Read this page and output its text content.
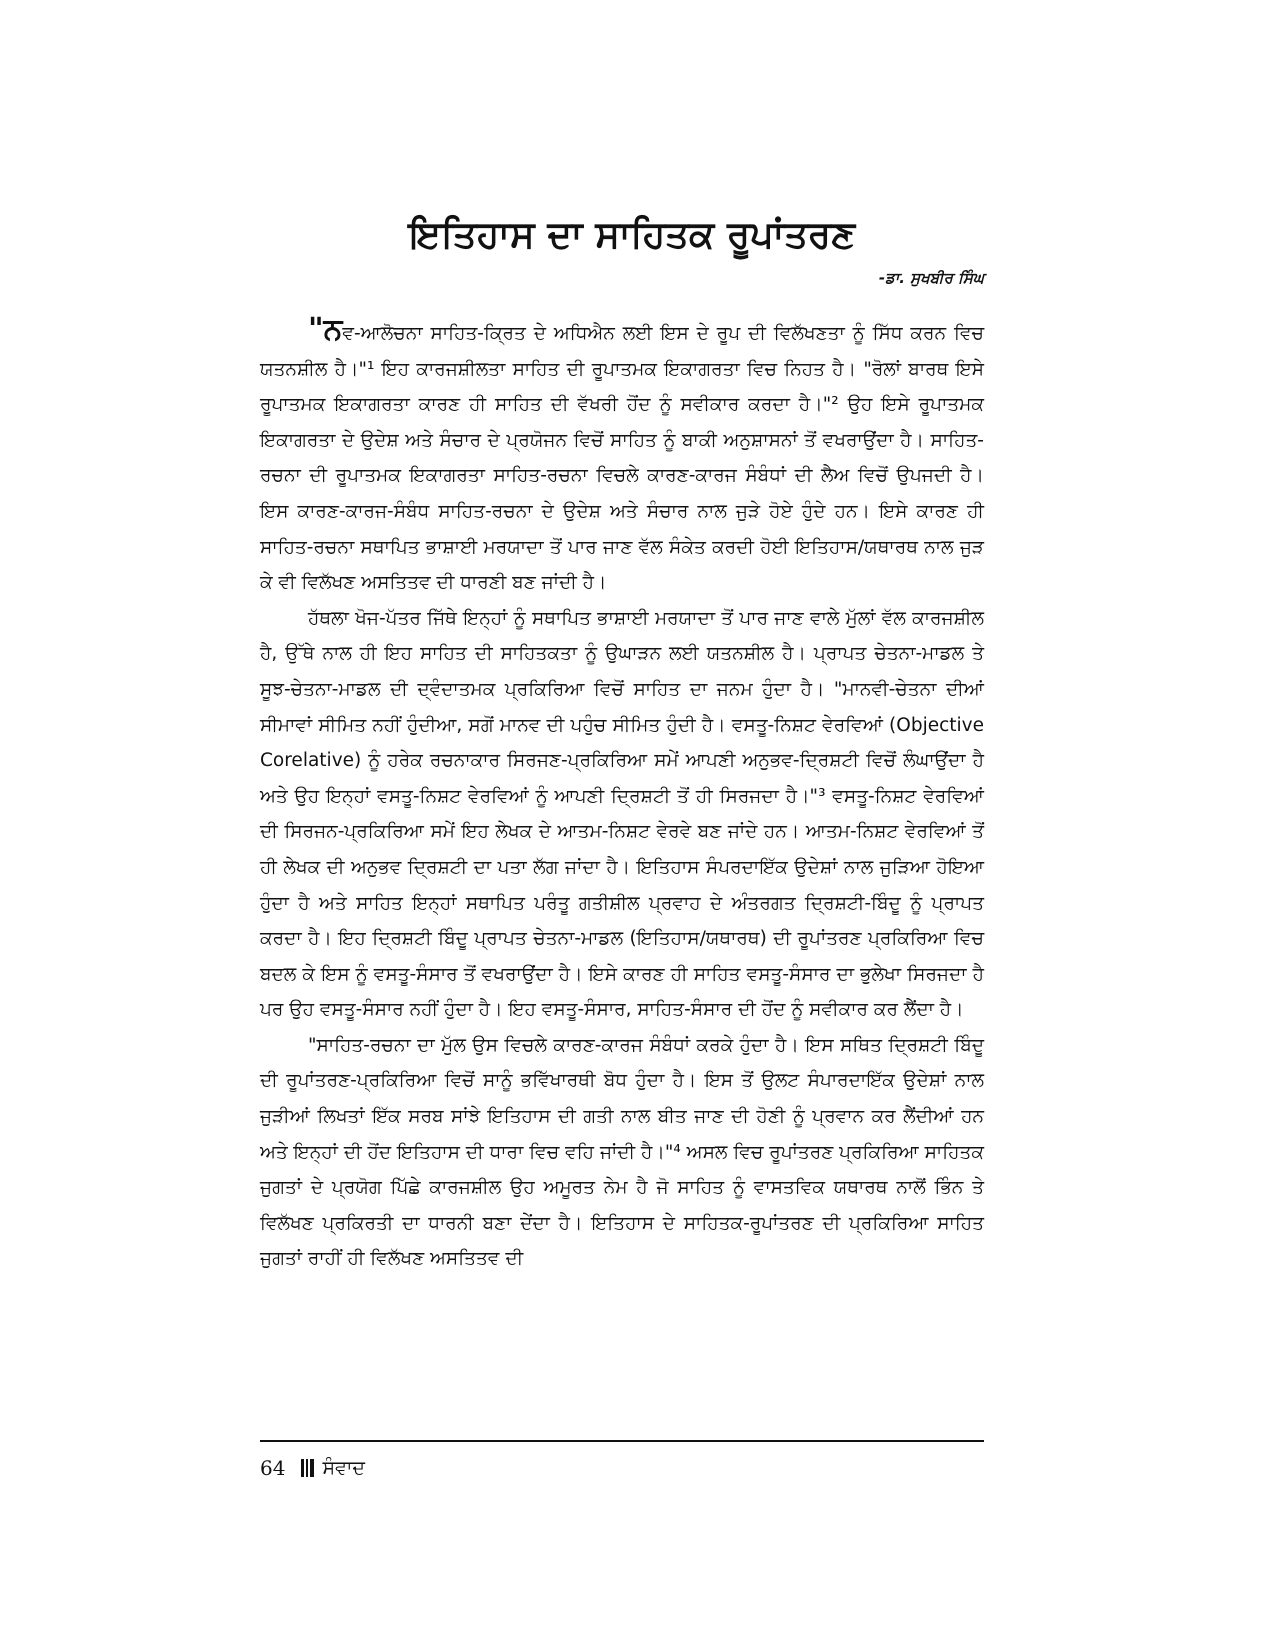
ਇਤਿਹਾਸ ਦਾ ਸਾਹਿਤਕ ਰੂਪਾਂਤਰਣ
-ਡਾ. ਸੁਖਬੀਰ ਸਿੰਘ

"ਨਵ-ਆਲੋਚਨਾ ਸਾਹਿਤ-ਕ੍ਰਿਤ ਦੇ ਅਧਿਐਨ ਲਈ ਇਸ ਦੇ ਰੂਪ ਦੀ ਵਿਲੱਖਣਤਾ ਨੂੰ ਸਿੱਧ ਕਰਨ ਵਿਚ ਯਤਨਸ਼ੀਲ ਹੈ।"¹ ਇਹ ਕਾਰਜਸ਼ੀਲਤਾ ਸਾਹਿਤ ਦੀ ਰੂਪਾਤਮਕ ਇਕਾਗਰਤਾ ਵਿਚ ਨਿਹਤ ਹੈ। "ਰੋਲਾਂ ਬਾਰਥ ਇਸੇ ਰੂਪਾਤਮਕ ਇਕਾਗਰਤਾ ਕਾਰਣ ਹੀ ਸਾਹਿਤ ਦੀ ਵੱਖਰੀ ਹੋਂਦ ਨੂੰ ਸਵੀਕਾਰ ਕਰਦਾ ਹੈ।"² ਉਹ ਇਸੇ ਰੂਪਾਤਮਕ ਇਕਾਗਰਤਾ ਦੇ ਉਦੇਸ਼ ਅਤੇ ਸੰਚਾਰ ਦੇ ਪ੍ਰਯੋਜਨ ਵਿਚੋਂ ਸਾਹਿਤ ਨੂੰ ਬਾਕੀ ਅਨੁਸ਼ਾਸਨਾਂ ਤੋਂ ਵਖਰਾਉਂਦਾ ਹੈ। ਸਾਹਿਤ-ਰਚਨਾ ਦੀ ਰੂਪਾਤਮਕ ਇਕਾਗਰਤਾ ਸਾਹਿਤ-ਰਚਨਾ ਵਿਚਲੇ ਕਾਰਣ-ਕਾਰਜ ਸੰਬੰਧਾਂ ਦੀ ਲੈਅ ਵਿਚੋਂ ਉਪਜਦੀ ਹੈ। ਇਸ ਕਾਰਣ-ਕਾਰਜ-ਸੰਬੰਧ ਸਾਹਿਤ-ਰਚਨਾ ਦੇ ਉਦੇਸ਼ ਅਤੇ ਸੰਚਾਰ ਨਾਲ ਜੁੜੇ ਹੋਏ ਹੁੰਦੇ ਹਨ। ਇਸੇ ਕਾਰਣ ਹੀ ਸਾਹਿਤ-ਰਚਨਾ ਸਥਾਪਿਤ ਭਾਸ਼ਾਈ ਮਰਯਾਦਾ ਤੋਂ ਪਾਰ ਜਾਣ ਵੱਲ ਸੰਕੇਤ ਕਰਦੀ ਹੋਈ ਇਤਿਹਾਸ/ਯਥਾਰਥ ਨਾਲ ਜੁੜ ਕੇ ਵੀ ਵਿਲੱਖਣ ਅਸਤਿਤਵ ਦੀ ਧਾਰਣੀ ਬਣ ਜਾਂਦੀ ਹੈ।

ਹੱਥਲਾ ਖੋਜ-ਪੱਤਰ ਜਿੱਥੇ ਇਨ੍ਹਾਂ ਨੂੰ ਸਥਾਪਿਤ ਭਾਸ਼ਾਈ ਮਰਯਾਦਾ ਤੋਂ ਪਾਰ ਜਾਣ ਵਾਲੇ ਮੁੱਲਾਂ ਵੱਲ ਕਾਰਜਸ਼ੀਲ ਹੈ, ਉੱਥੇ ਨਾਲ ਹੀ ਇਹ ਸਾਹਿਤ ਦੀ ਸਾਹਿਤਕਤਾ ਨੂੰ ਉਘਾੜਨ ਲਈ ਯਤਨਸ਼ੀਲ ਹੈ। ਪ੍ਰਾਪਤ ਚੇਤਨਾ-ਮਾਡਲ ਤੇ ਸੂਝ-ਚੇਤਨਾ-ਮਾਡਲ ਦੀ ਦ੍ਵੰਦਾਤਮਕ ਪ੍ਰਕਿਰਿਆ ਵਿਚੋਂ ਸਾਹਿਤ ਦਾ ਜਨਮ ਹੁੰਦਾ ਹੈ। "ਮਾਨਵੀ-ਚੇਤਨਾ ਦੀਆਂ ਸੀਮਾਵਾਂ ਸੀਮਿਤ ਨਹੀਂ ਹੁੰਦੀਆ, ਸਗੋਂ ਮਾਨਵ ਦੀ ਪਹੁੰਚ ਸੀਮਿਤ ਹੁੰਦੀ ਹੈ। ਵਸਤੂ-ਨਿਸ਼ਟ ਵੇਰਵਿਆਂ (Objective Corelative) ਨੂੰ ਹਰੇਕ ਰਚਨਾਕਾਰ ਸਿਰਜਣ-ਪ੍ਰਕਿਰਿਆ ਸਮੇਂ ਆਪਣੀ ਅਨੁਭਵ-ਦ੍ਰਿਸ਼ਟੀ ਵਿਚੋਂ ਲੰਘਾਉਂਦਾ ਹੈ ਅਤੇ ਉਹ ਇਨ੍ਹਾਂ ਵਸਤੂ-ਨਿਸ਼ਟ ਵੇਰਵਿਆਂ ਨੂੰ ਆਪਣੀ ਦ੍ਰਿਸ਼ਟੀ ਤੋਂ ਹੀ ਸਿਰਜਦਾ ਹੈ।"³ ਵਸਤੂ-ਨਿਸ਼ਟ ਵੇਰਵਿਆਂ ਦੀ ਸਿਰਜਨ-ਪ੍ਰਕਿਰਿਆ ਸਮੇਂ ਇਹ ਲੇਖਕ ਦੇ ਆਤਮ-ਨਿਸ਼ਟ ਵੇਰਵੇ ਬਣ ਜਾਂਦੇ ਹਨ। ਆਤਮ-ਨਿਸ਼ਟ ਵੇਰਵਿਆਂ ਤੋਂ ਹੀ ਲੇਖਕ ਦੀ ਅਨੁਭਵ ਦ੍ਰਿਸ਼ਟੀ ਦਾ ਪਤਾ ਲੱਗ ਜਾਂਦਾ ਹੈ। ਇਤਿਹਾਸ ਸੰਪਰਦਾਇੱਕ ਉਦੇਸ਼ਾਂ ਨਾਲ ਜੁੜਿਆ ਹੋਇਆ ਹੁੰਦਾ ਹੈ ਅਤੇ ਸਾਹਿਤ ਇਨ੍ਹਾਂ ਸਥਾਪਿਤ ਪਰੰਤੂ ਗਤੀਸ਼ੀਲ ਪ੍ਰਵਾਹ ਦੇ ਅੰਤਰਗਤ ਦ੍ਰਿਸ਼ਟੀ-ਬਿੰਦੂ ਨੂੰ ਪ੍ਰਾਪਤ ਕਰਦਾ ਹੈ। ਇਹ ਦ੍ਰਿਸ਼ਟੀ ਬਿੰਦੂ ਪ੍ਰਾਪਤ ਚੇਤਨਾ-ਮਾਡਲ (ਇਤਿਹਾਸ/ਯਥਾਰਥ) ਦੀ ਰੂਪਾਂਤਰਣ ਪ੍ਰਕਿਰਿਆ ਵਿਚ ਬਦਲ ਕੇ ਇਸ ਨੂੰ ਵਸਤੂ-ਸੰਸਾਰ ਤੋਂ ਵਖਰਾਉਂਦਾ ਹੈ। ਇਸੇ ਕਾਰਣ ਹੀ ਸਾਹਿਤ ਵਸਤੂ-ਸੰਸਾਰ ਦਾ ਭੁਲੇਖਾ ਸਿਰਜਦਾ ਹੈ ਪਰ ਉਹ ਵਸਤੂ-ਸੰਸਾਰ ਨਹੀਂ ਹੁੰਦਾ ਹੈ। ਇਹ ਵਸਤੂ-ਸੰਸਾਰ, ਸਾਹਿਤ-ਸੰਸਾਰ ਦੀ ਹੋਂਦ ਨੂੰ ਸਵੀਕਾਰ ਕਰ ਲੈਂਦਾ ਹੈ।

"ਸਾਹਿਤ-ਰਚਨਾ ਦਾ ਮੁੱਲ ਉਸ ਵਿਚਲੇ ਕਾਰਣ-ਕਾਰਜ ਸੰਬੰਧਾਂ ਕਰਕੇ ਹੁੰਦਾ ਹੈ। ਇਸ ਸਥਿਤ ਦ੍ਰਿਸ਼ਟੀ ਬਿੰਦੂ ਦੀ ਰੂਪਾਂਤਰਣ-ਪ੍ਰਕਿਰਿਆ ਵਿਚੋਂ ਸਾਨੂੰ ਭਵਿੱਖਾਰਥੀ ਬੋਧ ਹੁੰਦਾ ਹੈ। ਇਸ ਤੋਂ ਉਲਟ ਸੰਪਾਰਦਾਇੱਕ ਉਦੇਸ਼ਾਂ ਨਾਲ ਜੁੜੀਆਂ ਲਿਖਤਾਂ ਇੱਕ ਸਰਬ ਸਾਂਝੇ ਇਤਿਹਾਸ ਦੀ ਗਤੀ ਨਾਲ ਬੀਤ ਜਾਣ ਦੀ ਹੋਣੀ ਨੂੰ ਪ੍ਰਵਾਨ ਕਰ ਲੈਂਦੀਆਂ ਹਨ ਅਤੇ ਇਨ੍ਹਾਂ ਦੀ ਹੋਂਦ ਇਤਿਹਾਸ ਦੀ ਧਾਰਾ ਵਿਚ ਵਹਿ ਜਾਂਦੀ ਹੈ।"⁴ ਅਸਲ ਵਿਚ ਰੂਪਾਂਤਰਣ ਪ੍ਰਕਿਰਿਆ ਸਾਹਿਤਕ ਜੁਗਤਾਂ ਦੇ ਪ੍ਰਯੋਗ ਪਿੱਛੇ ਕਾਰਜਸ਼ੀਲ ਉਹ ਅਮੂਰਤ ਨੇਮ ਹੈ ਜੋ ਸਾਹਿਤ ਨੂੰ ਵਾਸਤਵਿਕ ਯਥਾਰਥ ਨਾਲੋਂ ਭਿੰਨ ਤੇ ਵਿਲੱਖਣ ਪ੍ਰਕਿਰਤੀ ਦਾ ਧਾਰਨੀ ਬਣਾ ਦੇਂਦਾ ਹੈ। ਇਤਿਹਾਸ ਦੇ ਸਾਹਿਤਕ-ਰੂਪਾਂਤਰਣ ਦੀ ਪ੍ਰਕਿਰਿਆ ਸਾਹਿਤ ਜੁਗਤਾਂ ਰਾਹੀਂ ਹੀ ਵਿਲੱਖਣ ਅਸਤਿਤਵ ਦੀ

64 ਸੰਵਾਦ
